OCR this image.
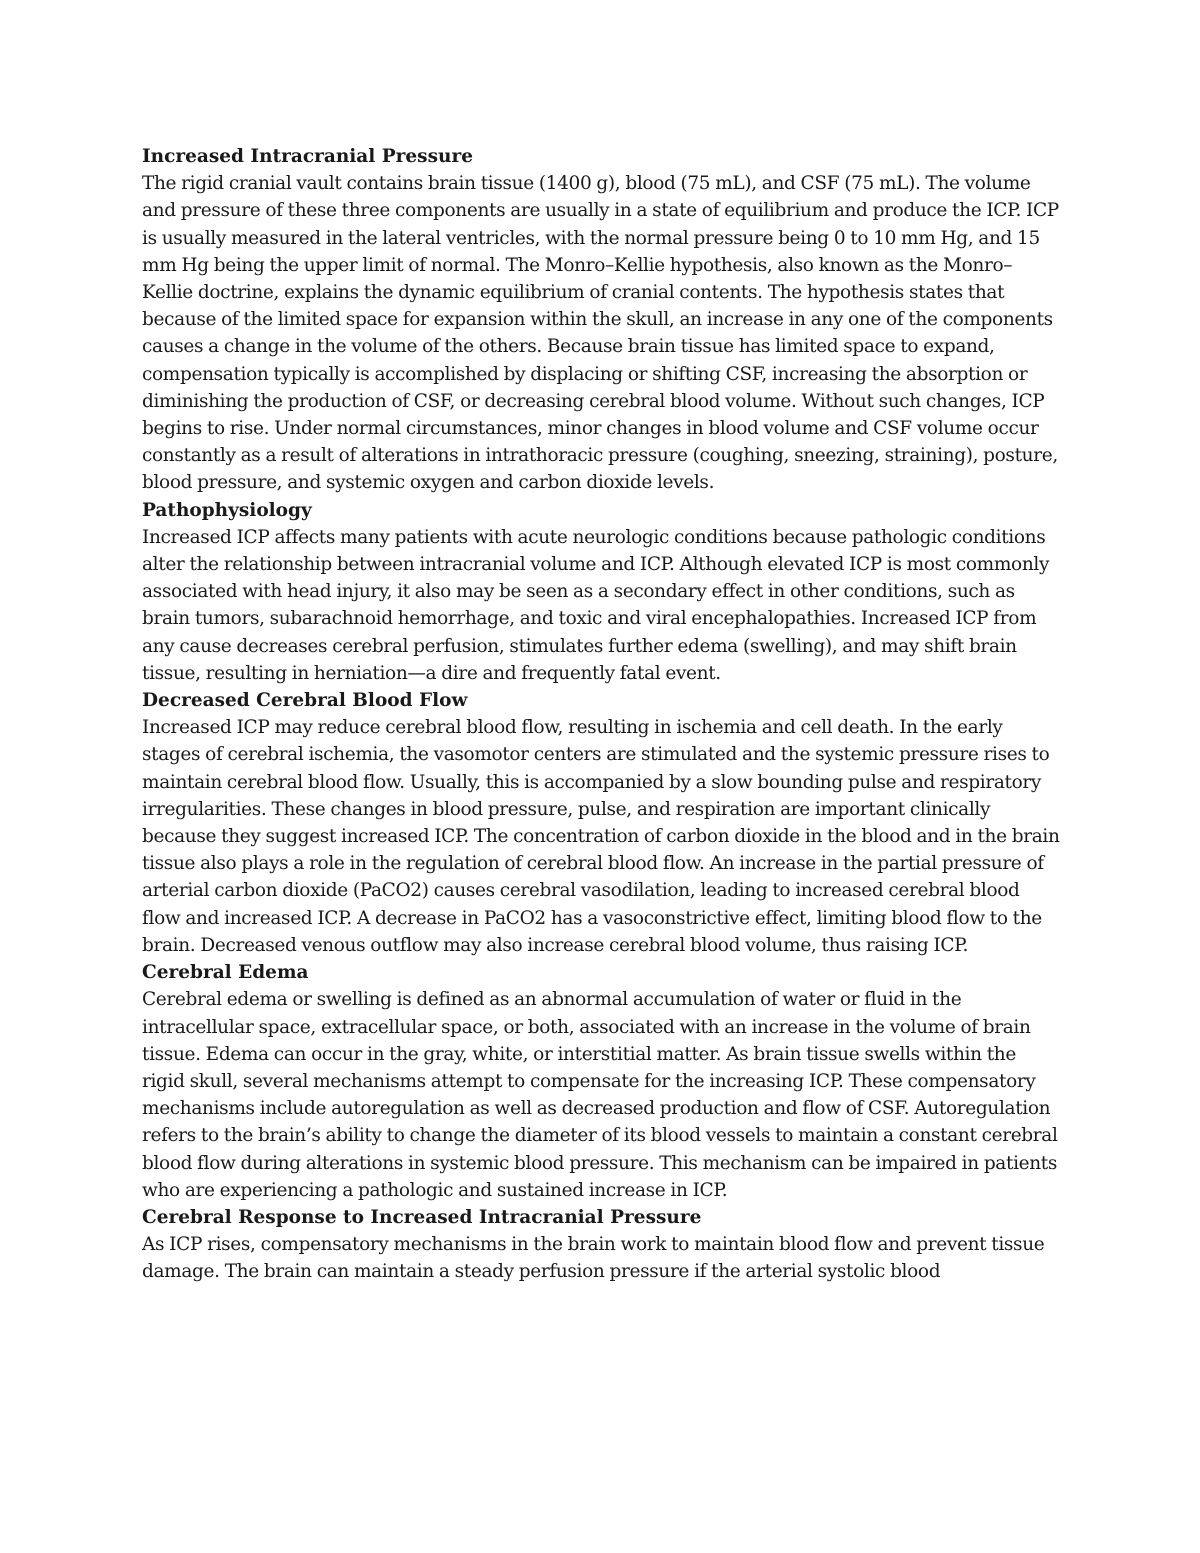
Increased Intracranial Pressure

The rigid cranial vault contains brain tissue (1400 g), blood (75 mL), and CSF (75 mL). The volume and pressure of these three components are usually in a state of equilibrium and produce the ICP. ICP is usually measured in the lateral ventricles, with the normal pressure being 0 to 10 mm Hg, and 15 mm Hg being the upper limit of normal. The Monro–Kellie hypothesis, also known as the Monro–Kellie doctrine, explains the dynamic equilibrium of cranial contents. The hypothesis states that because of the limited space for expansion within the skull, an increase in any one of the components causes a change in the volume of the others. Because brain tissue has limited space to expand, compensation typically is accomplished by displacing or shifting CSF, increasing the absorption or diminishing the production of CSF, or decreasing cerebral blood volume. Without such changes, ICP begins to rise. Under normal circumstances, minor changes in blood volume and CSF volume occur constantly as a result of alterations in intrathoracic pressure (coughing, sneezing, straining), posture, blood pressure, and systemic oxygen and carbon dioxide levels.

Pathophysiology

Increased ICP affects many patients with acute neurologic conditions because pathologic conditions alter the relationship between intracranial volume and ICP. Although elevated ICP is most commonly associated with head injury, it also may be seen as a secondary effect in other conditions, such as brain tumors, subarachnoid hemorrhage, and toxic and viral encephalopathies. Increased ICP from any cause decreases cerebral perfusion, stimulates further edema (swelling), and may shift brain tissue, resulting in herniation—a dire and frequently fatal event.

Decreased Cerebral Blood Flow

Increased ICP may reduce cerebral blood flow, resulting in ischemia and cell death. In the early stages of cerebral ischemia, the vasomotor centers are stimulated and the systemic pressure rises to maintain cerebral blood flow. Usually, this is accompanied by a slow bounding pulse and respiratory irregularities. These changes in blood pressure, pulse, and respiration are important clinically because they suggest increased ICP. The concentration of carbon dioxide in the blood and in the brain tissue also plays a role in the regulation of cerebral blood flow. An increase in the partial pressure of arterial carbon dioxide (PaCO2) causes cerebral vasodilation, leading to increased cerebral blood flow and increased ICP. A decrease in PaCO2 has a vasoconstrictive effect, limiting blood flow to the brain. Decreased venous outflow may also increase cerebral blood volume, thus raising ICP.

Cerebral Edema

Cerebral edema or swelling is defined as an abnormal accumulation of water or fluid in the intracellular space, extracellular space, or both, associated with an increase in the volume of brain tissue. Edema can occur in the gray, white, or interstitial matter. As brain tissue swells within the rigid skull, several mechanisms attempt to compensate for the increasing ICP. These compensatory mechanisms include autoregulation as well as decreased production and flow of CSF. Autoregulation refers to the brain’s ability to change the diameter of its blood vessels to maintain a constant cerebral blood flow during alterations in systemic blood pressure. This mechanism can be impaired in patients who are experiencing a pathologic and sustained increase in ICP.

Cerebral Response to Increased Intracranial Pressure

As ICP rises, compensatory mechanisms in the brain work to maintain blood flow and prevent tissue damage. The brain can maintain a steady perfusion pressure if the arterial systolic blood
